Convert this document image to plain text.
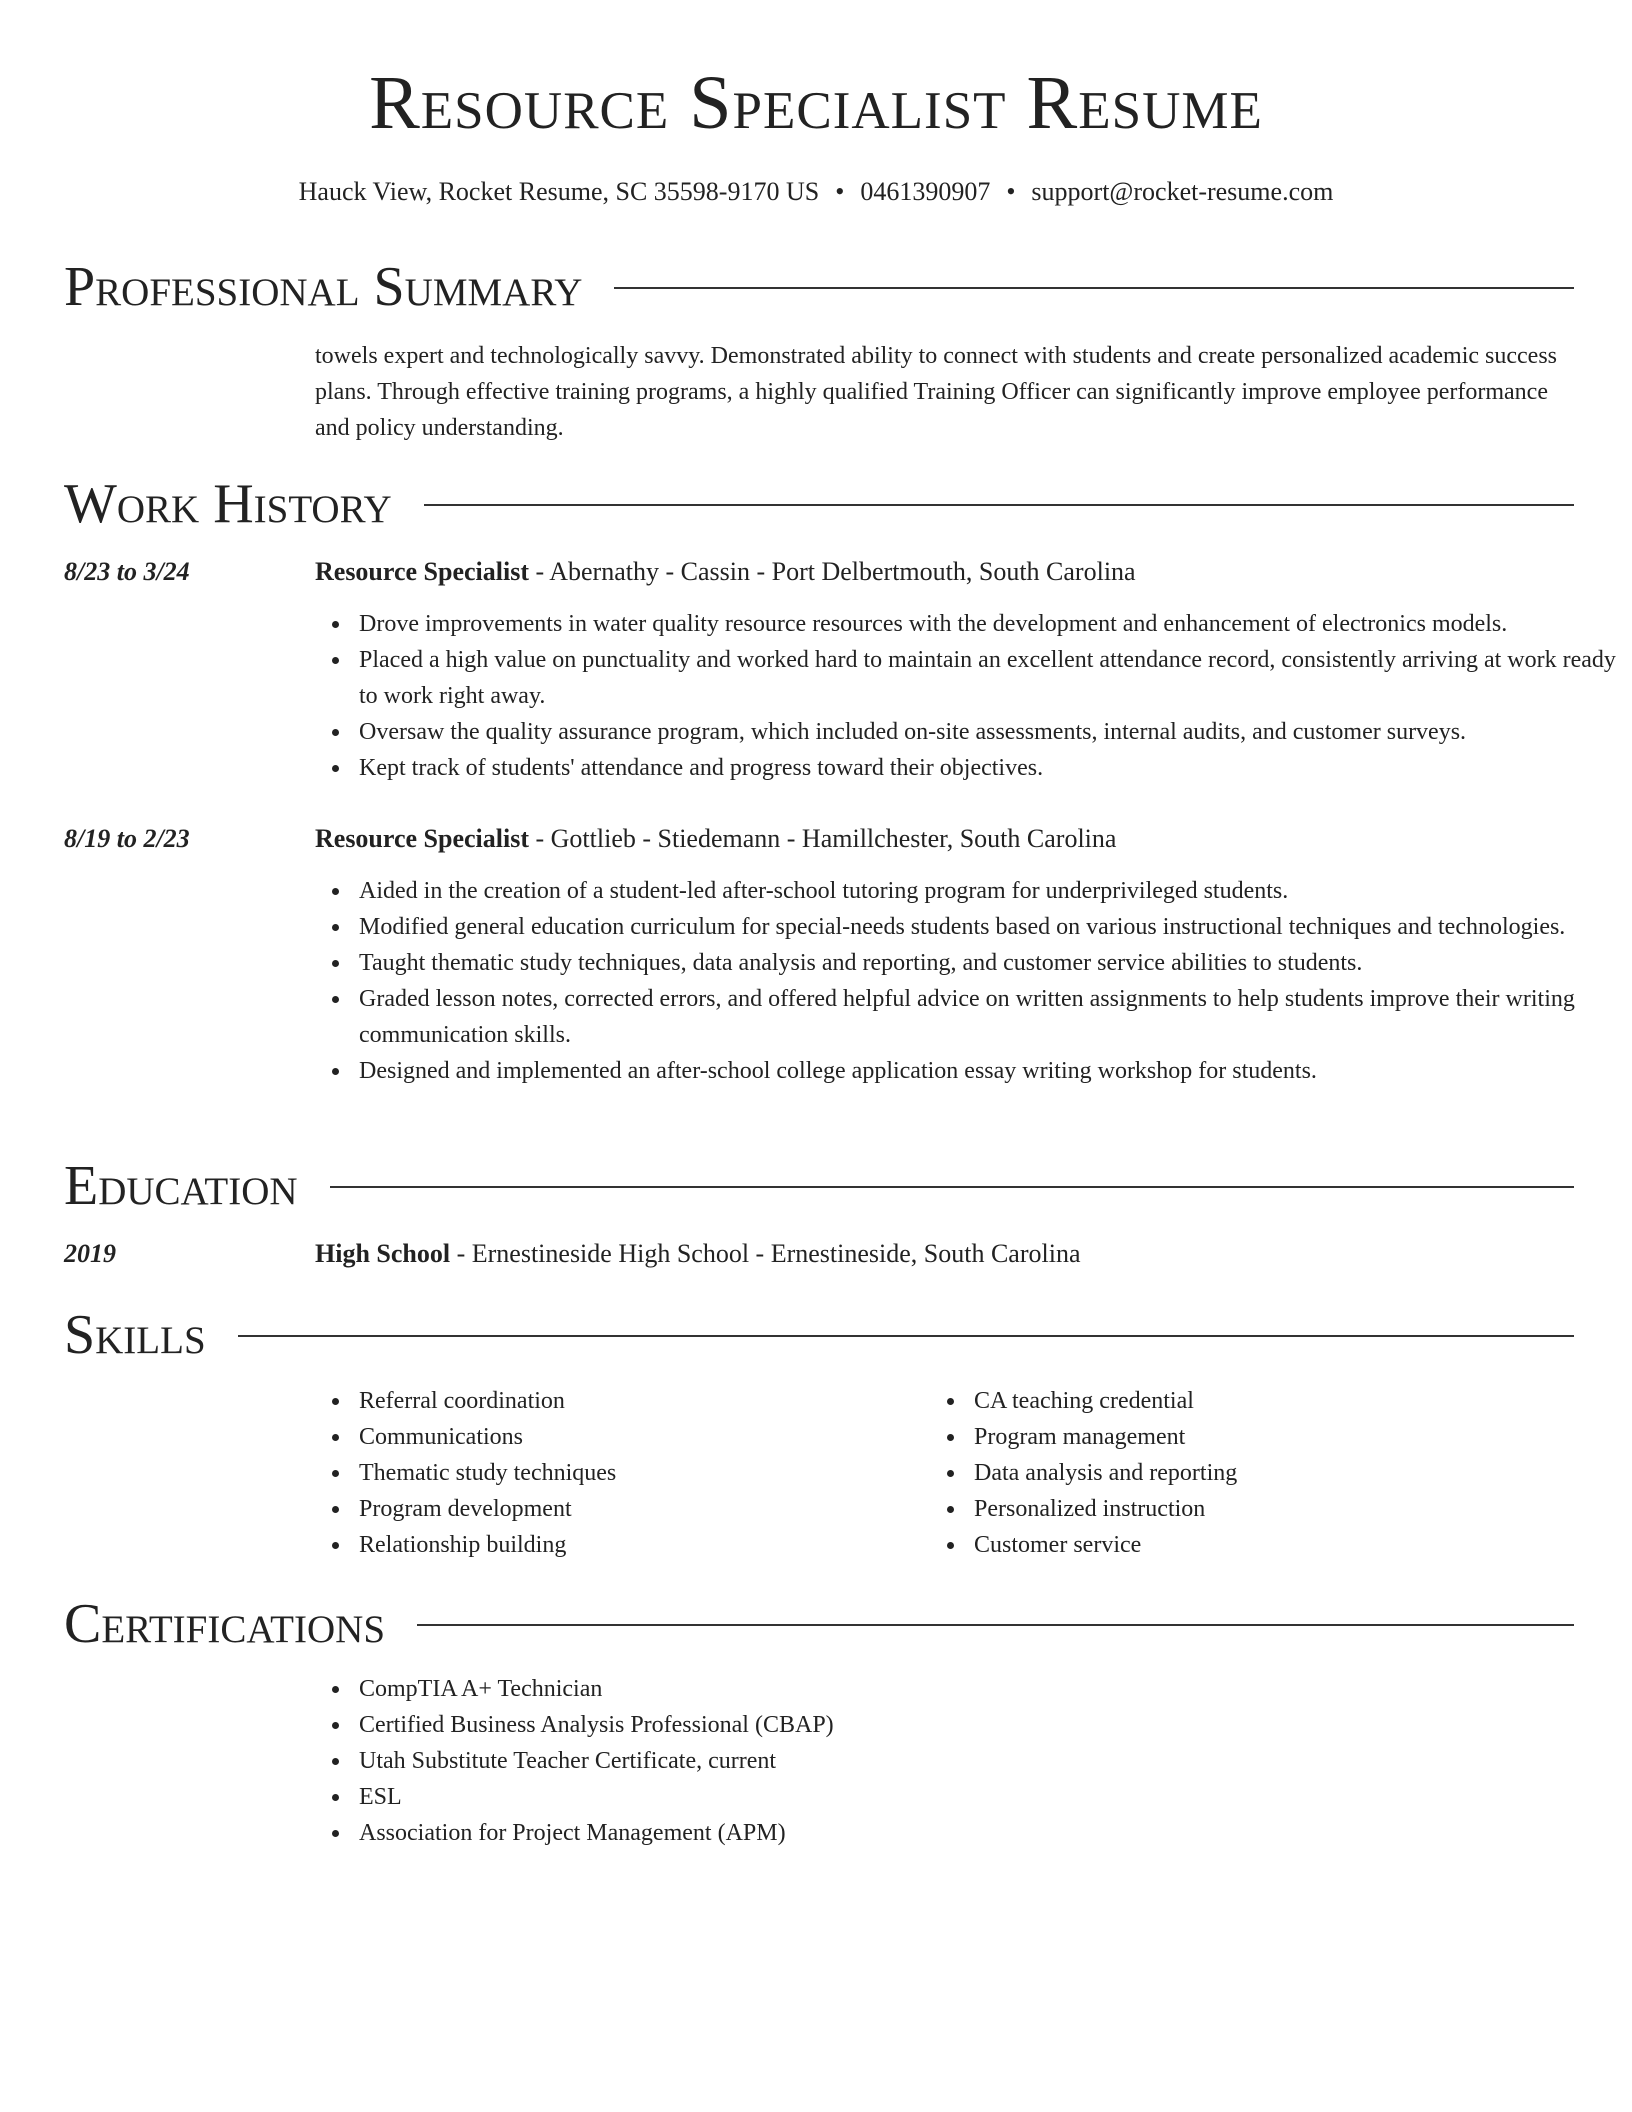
Resource Specialist Resume
Hauck View, Rocket Resume, SC 35598-9170 US • 0461390907 • support@rocket-resume.com
Professional Summary
towels expert and technologically savvy. Demonstrated ability to connect with students and create personalized academic success plans. Through effective training programs, a highly qualified Training Officer can significantly improve employee performance and policy understanding.
Work History
8/23 to 3/24	Resource Specialist - Abernathy - Cassin - Port Delbertmouth, South Carolina
Drove improvements in water quality resource resources with the development and enhancement of electronics models.
Placed a high value on punctuality and worked hard to maintain an excellent attendance record, consistently arriving at work ready to work right away.
Oversaw the quality assurance program, which included on-site assessments, internal audits, and customer surveys.
Kept track of students' attendance and progress toward their objectives.
8/19 to 2/23	Resource Specialist - Gottlieb - Stiedemann - Hamillchester, South Carolina
Aided in the creation of a student-led after-school tutoring program for underprivileged students.
Modified general education curriculum for special-needs students based on various instructional techniques and technologies.
Taught thematic study techniques, data analysis and reporting, and customer service abilities to students.
Graded lesson notes, corrected errors, and offered helpful advice on written assignments to help students improve their writing communication skills.
Designed and implemented an after-school college application essay writing workshop for students.
Education
2019	High School - Ernestineside High School - Ernestineside, South Carolina
Skills
Referral coordination
Communications
Thematic study techniques
Program development
Relationship building
CA teaching credential
Program management
Data analysis and reporting
Personalized instruction
Customer service
Certifications
CompTIA A+ Technician
Certified Business Analysis Professional (CBAP)
Utah Substitute Teacher Certificate, current
ESL
Association for Project Management (APM)
